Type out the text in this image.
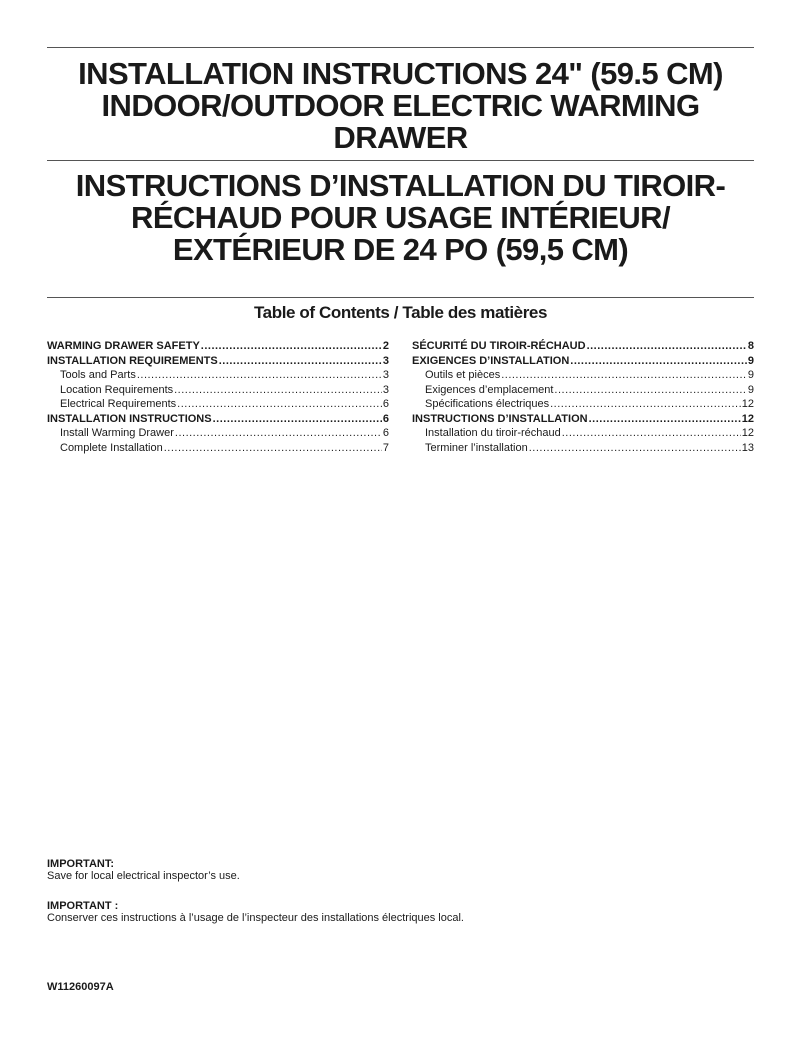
INSTALLATION INSTRUCTIONS 24" (59.5 CM)
INDOOR/OUTDOOR ELECTRIC WARMING
DRAWER
INSTRUCTIONS D’INSTALLATION DU TIROIR-
RÉCHAUD POUR USAGE INTÉRIEUR/
EXTÉRIEUR DE 24 PO (59,5 CM)
Table of Contents / Table des matières
WARMING DRAWER SAFETY .....	2
INSTALLATION REQUIREMENTS .....	3
Tools and Parts .....	3
Location Requirements .....	3
Electrical Requirements .....	6
INSTALLATION INSTRUCTIONS .....	6
Install Warming Drawer .....	6
Complete Installation .....	7
SÉCURITÉ DU TIROIR-RÉCHAUD .....	8
EXIGENCES D’INSTALLATION .....	9
Outils et pièces .....	9
Exigences d’emplacement .....	9
Spécifications électriques .....	12
INSTRUCTIONS D’INSTALLATION .....	12
Installation du tiroir-réchaud .....	12
Terminer l’installation .....	13
IMPORTANT:
Save for local electrical inspector’s use.
IMPORTANT :
Conserver ces instructions à l’usage de l’inspecteur des installations électriques local.
W11260097A
